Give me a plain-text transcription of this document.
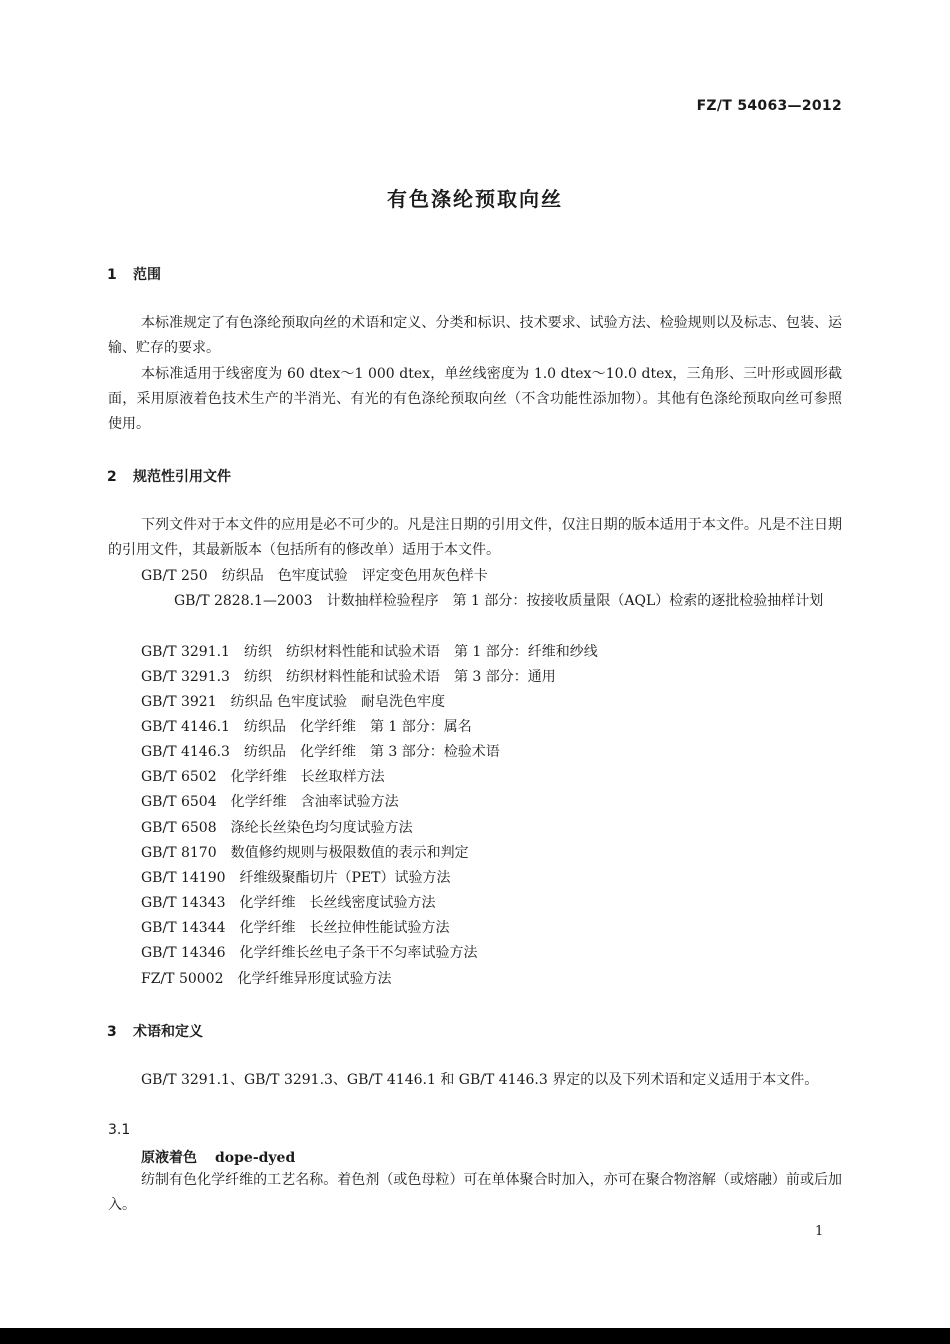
FZ/T 54063—2012
有色涤纶预取向丝
1 范围

本标准规定了有色涤纶预取向丝的术语和定义、分类和标识、技术要求、试验方法、检验规则以及标志、包装、运输、贮存的要求。

本标准适用于线密度为 60 dtex～1 000 dtex，单丝线密度为 1.0 dtex～10.0 dtex，三角形、三叶形或圆形截面，采用原液着色技术生产的半消光、有光的有色涤纶预取向丝（不含功能性添加物）。其他有色涤纶预取向丝可参照使用。

2 规范性引用文件

下列文件对于本文件的应用是必不可少的。凡是注日期的引用文件，仅注日期的版本适用于本文件。凡是不注日期的引用文件，其最新版本（包括所有的修改单）适用于本文件。

GB/T 250 纺织品　色牢度试验　评定变色用灰色样卡

GB/T 2828.1—2003 计数抽样检验程序　第 1 部分：按接收质量限（AQL）检索的逐批检验抽样计划

GB/T 3291.1 纺织　纺织材料性能和试验术语　第 1 部分：纤维和纱线
GB/T 3291.3 纺织　纺织材料性能和试验术语　第 3 部分：通用
GB/T 3921 纺织品 色牢度试验　耐皂洗色牢度
GB/T 4146.1 纺织品　化学纤维　第 1 部分：属名
GB/T 4146.3 纺织品　化学纤维　第 3 部分：检验术语
GB/T 6502 化学纤维　长丝取样方法
GB/T 6504 化学纤维　含油率试验方法
GB/T 6508 涤纶长丝染色均匀度试验方法
GB/T 8170 数值修约规则与极限数值的表示和判定
GB/T 14190 纤维级聚酯切片（PET）试验方法
GB/T 14343 化学纤维　长丝线密度试验方法
GB/T 14344 化学纤维　长丝拉伸性能试验方法
GB/T 14346 化学纤维长丝电子条干不匀率试验方法
FZ/T 50002 化学纤维异形度试验方法
3 术语和定义

GB/T 3291.1、GB/T 3291.3、GB/T 4146.1 和 GB/T 4146.3 界定的以及下列术语和定义适用于本文件。

3.1
原液着色 dope-dyed

纺制有色化学纤维的工艺名称。着色剂（或色母粒）可在单体聚合时加入，亦可在聚合物溶解（或熔融）前或后加入。

1
